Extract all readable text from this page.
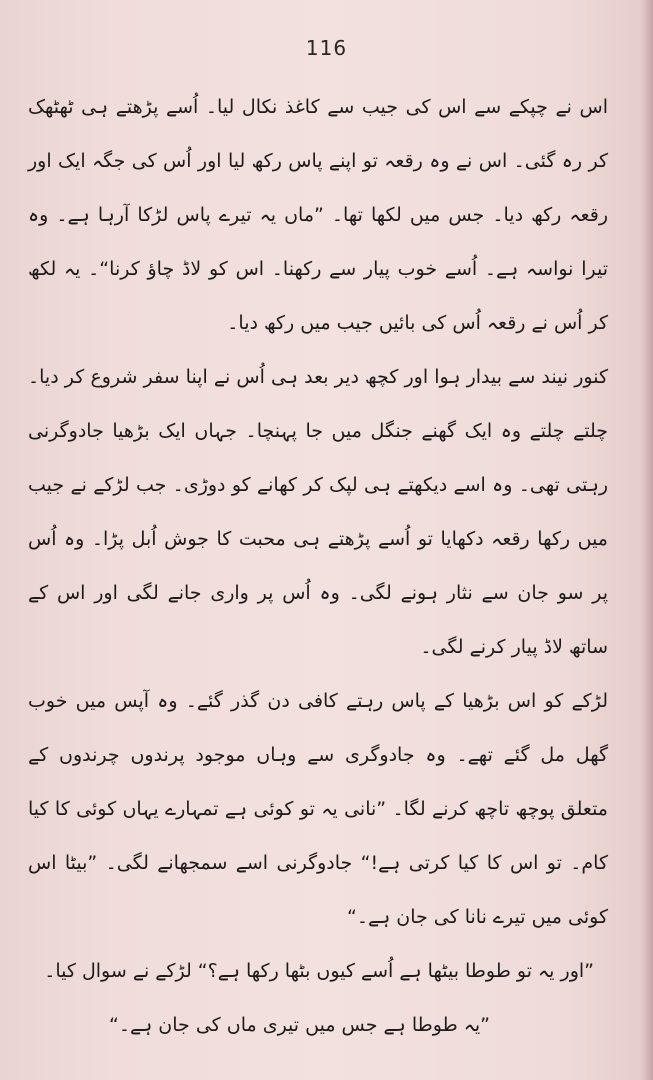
116

اس نے چپکے سے اس کی جیب سے کاغذ نکال لیا۔ اُسے پڑھتے ہی ٹھٹھک کر رہ گئی۔ اس نے وہ رقعہ تو اپنے پاس رکھ لیا اور اُس کی جگہ ایک اور رقعہ رکھ دیا۔ جس میں لکھا تھا۔ ”ماں یہ تیرے پاس لڑکا آرہا ہے۔ وہ تیرا نواسہ ہے۔ اُسے خوب پیار سے رکھنا۔ اس کو لاڈ چاؤ کرنا“۔ یہ لکھ کر اُس نے رقعہ اُس کی بائیں جیب میں رکھ دیا۔

کنور نیند سے بیدار ہوا اور کچھ دیر بعد ہی اُس نے اپنا سفر شروع کر دیا۔ چلتے چلتے وہ ایک گھنے جنگل میں جا پہنچا۔ جہاں ایک بڑھیا جادوگرنی رہتی تھی۔ وہ اسے دیکھتے ہی لپک کر کھانے کو دوڑی۔ جب لڑکے نے جیب میں رکھا رقعہ دکھایا تو اُسے پڑھتے ہی محبت کا جوش اُبل پڑا۔ وہ اُس پر سو جان سے نثار ہونے لگی۔ وہ اُس پر واری جانے لگی اور اس کے ساتھ لاڈ پیار کرنے لگی۔

لڑکے کو اس بڑھیا کے پاس رہتے کافی دن گذر گئے۔ وہ آپس میں خوب گھل مل گئے تھے۔ وہ جادوگری سے وہاں موجود پرندوں چرندوں کے متعلق پوچھ تاچھ کرنے لگا۔ ”نانی یہ تو کوئی ہے تمہارے یہاں کوئی کا کیا کام۔ تو اس کا کیا کرتی ہے!“ جادوگرنی اسے سمجھانے لگی۔ ”بیٹا اس کوئی میں تیرے نانا کی جان ہے۔“

”اور یہ تو طوطا بیٹھا ہے اُسے کیوں بٹھا رکھا ہے؟“ لڑکے نے سوال کیا۔

”یہ طوطا ہے جس میں تیری ماں کی جان ہے۔“
